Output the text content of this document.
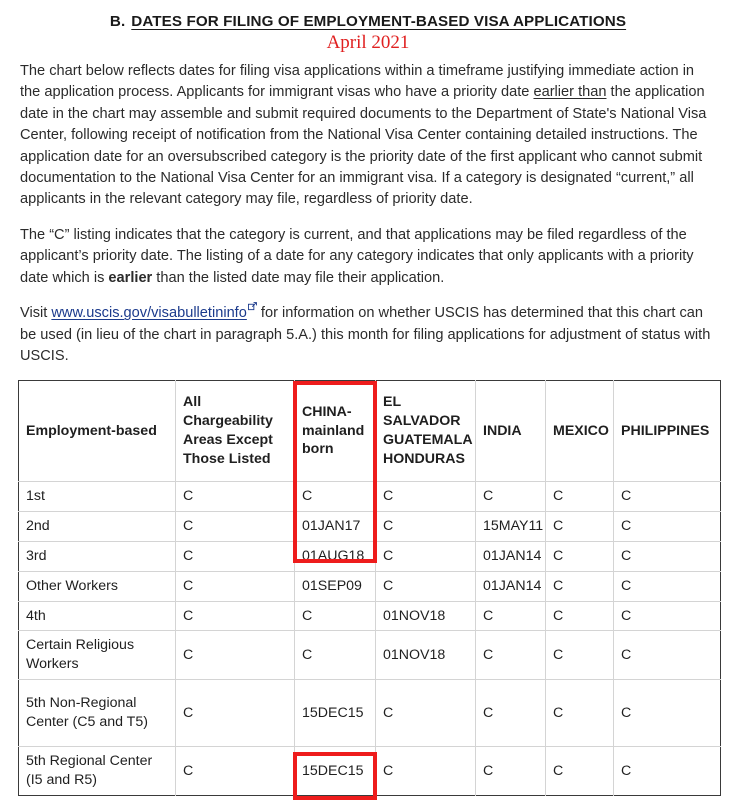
B. DATES FOR FILING OF EMPLOYMENT-BASED VISA APPLICATIONS
April 2021

The chart below reflects dates for filing visa applications within a timeframe justifying immediate action in the application process. Applicants for immigrant visas who have a priority date earlier than the application date in the chart may assemble and submit required documents to the Department of State's National Visa Center, following receipt of notification from the National Visa Center containing detailed instructions. The application date for an oversubscribed category is the priority date of the first applicant who cannot submit documentation to the National Visa Center for an immigrant visa. If a category is designated “current,” all applicants in the relevant category may file, regardless of priority date.

The “C” listing indicates that the category is current, and that applications may be filed regardless of the applicant’s priority date. The listing of a date for any category indicates that only applicants with a priority date which is earlier than the listed date may file their application.

Visit www.uscis.gov/visabulletininfo
for information on whether USCIS has determined that this chart can be used (in lieu of the chart in paragraph 5.A.) this month for filing applications for adjustment of status with USCIS.

Employment-based	All Chargeability Areas Except Those Listed	CHINA-mainland born	EL SALVADOR GUATEMALA HONDURAS	INDIA	MEXICO	PHILIPPINES
1st	C	C	C	C	C	C
2nd	C	01JAN17	C	15MAY11	C	C
3rd	C	01AUG18	C	01JAN14	C	C
Other Workers	C	01SEP09	C	01JAN14	C	C
4th	C	C	01NOV18	C	C	C
Certain Religious Workers	C	C	01NOV18	C	C	C
5th Non-Regional Center (C5 and T5)	C	15DEC15	C	C	C	C
5th Regional Center (I5 and R5)	C	15DEC15	C	C	C	C
